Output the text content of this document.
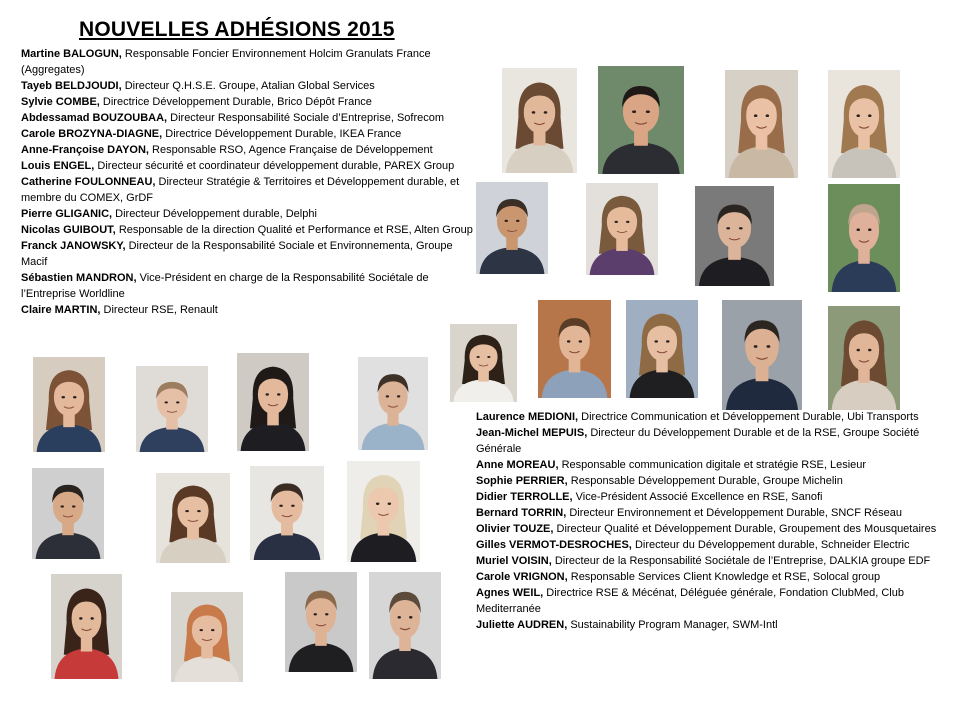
NOUVELLES ADHÉSIONS 2015

Martine BALOGUN, Responsable Foncier Environnement Holcim Granulats France (Aggregates)

Tayeb BELDJOUDI, Directeur Q.H.S.E. Groupe, Atalian Global Services

Sylvie COMBE, Directrice Développement Durable, Brico Dépôt France

Abdessamad BOUZOUBAA, Directeur Responsabilité Sociale d’Entreprise, Sofrecom

Carole BROZYNA-DIAGNE, Directrice Développement Durable, IKEA France

Anne-Françoise DAYON, Responsable RSO, Agence Française de Développement

Louis ENGEL, Directeur sécurité et coordinateur développement durable, PAREX Group

Catherine FOULONNEAU, Directeur Stratégie & Territoires et Développement durable, et membre du COMEX, GrDF

Pierre GLIGANIC, Directeur Développement durable, Delphi

Nicolas GUIBOUT, Responsable de la direction Qualité et Performance et RSE, Alten Group

Franck JANOWSKY, Directeur de la Responsabilité Sociale et Environnementa, Groupe Macif

Sébastien MANDRON, Vice-Président en charge de la Responsabilité Sociétale de l’Entreprise Worldline

Claire MARTIN, Directeur RSE, Renault

Laurence MEDIONI, Directrice Communication et Développement Durable, Ubi Transports

Jean-Michel MEPUIS, Directeur du Développement Durable et de la RSE, Groupe Société Générale

Anne MOREAU, Responsable communication digitale et stratégie RSE, Lesieur

Sophie PERRIER, Responsable Développement Durable, Groupe Michelin

Didier TERROLLE, Vice-Président Associé Excellence en RSE, Sanofi

Bernard TORRIN, Directeur Environnement et Développement Durable, SNCF Réseau

Olivier TOUZE, Directeur Qualité et Développement Durable, Groupement des Mousquetaires

Gilles VERMOT-DESROCHES, Directeur du Développement durable, Schneider Electric

Muriel VOISIN, Directeur de la Responsabilité Sociétale de l’Entreprise, DALKIA groupe EDF

Carole VRIGNON, Responsable Services Client Knowledge et RSE, Solocal group

Agnes WEIL, Directrice RSE & Mécénat, Déléguée générale, Fondation ClubMed, Club Mediterranée

Juliette AUDREN, Sustainability Program Manager, SWM-Intl
